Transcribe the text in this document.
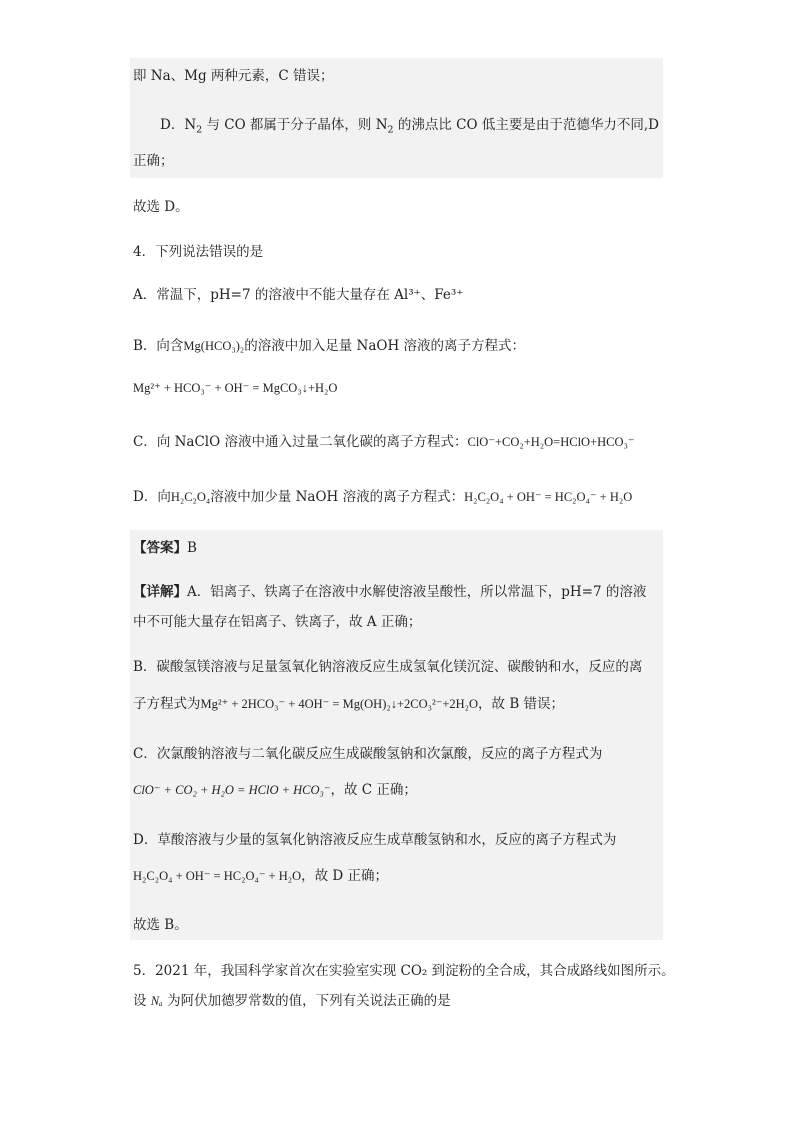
即 Na、Mg 两种元素，C 错误；
D．$N_2$ 与 CO 都属于分子晶体，则 $N_2$ 的沸点比 CO 低主要是由于范德华力不同,D
正确；
故选 D。
4．下列说法错误的是
A．常温下，pH=7 的溶液中不能大量存在 Al³⁺、Fe³⁺
B．向含Mg(HCO₃)₂的溶液中加入足量 NaOH 溶液的离子方程式：
Mg²⁺ + HCO₃⁻ + OH⁻ = MgCO₃↓+H₂O
C．向 NaClO 溶液中通入过量二氧化碳的离子方程式：ClO⁻+CO₂+H₂O=HClO+HCO₃⁻
D．向H₂C₂O₄溶液中加少量 NaOH 溶液的离子方程式：H₂C₂O₄ + OH⁻ = HC₂O₄⁻ + H₂O
【答案】B
【详解】A．铝离子、铁离子在溶液中水解使溶液呈酸性，所以常温下，pH=7 的溶液
中不可能大量存在铝离子、铁离子，故 A 正确；
B．碳酸氢镁溶液与足量氢氧化钠溶液反应生成氢氧化镁沉淀、碳酸钠和水，反应的离
子方程式为Mg²⁺ + 2HCO₃⁻ + 4OH⁻ = Mg(OH)₂↓+2CO₃²⁻+2H₂O，故 B 错误；
C．次氯酸钠溶液与二氧化碳反应生成碳酸氢钠和次氯酸，反应的离子方程式为
ClO⁻ + CO₂ + H₂O = HClO + HCO₃⁻，故 C 正确；
D．草酸溶液与少量的氢氧化钠溶液反应生成草酸氢钠和水，反应的离子方程式为
H₂C₂O₄ + OH⁻ = HC₂O₄⁻ + H₂O，故 D 正确；
故选 B。
5．2021 年，我国科学家首次在实验室实现 CO₂ 到淀粉的全合成，其合成路线如图所示。
设 Nₐ 为阿伏加德罗常数的值，下列有关说法正确的是
